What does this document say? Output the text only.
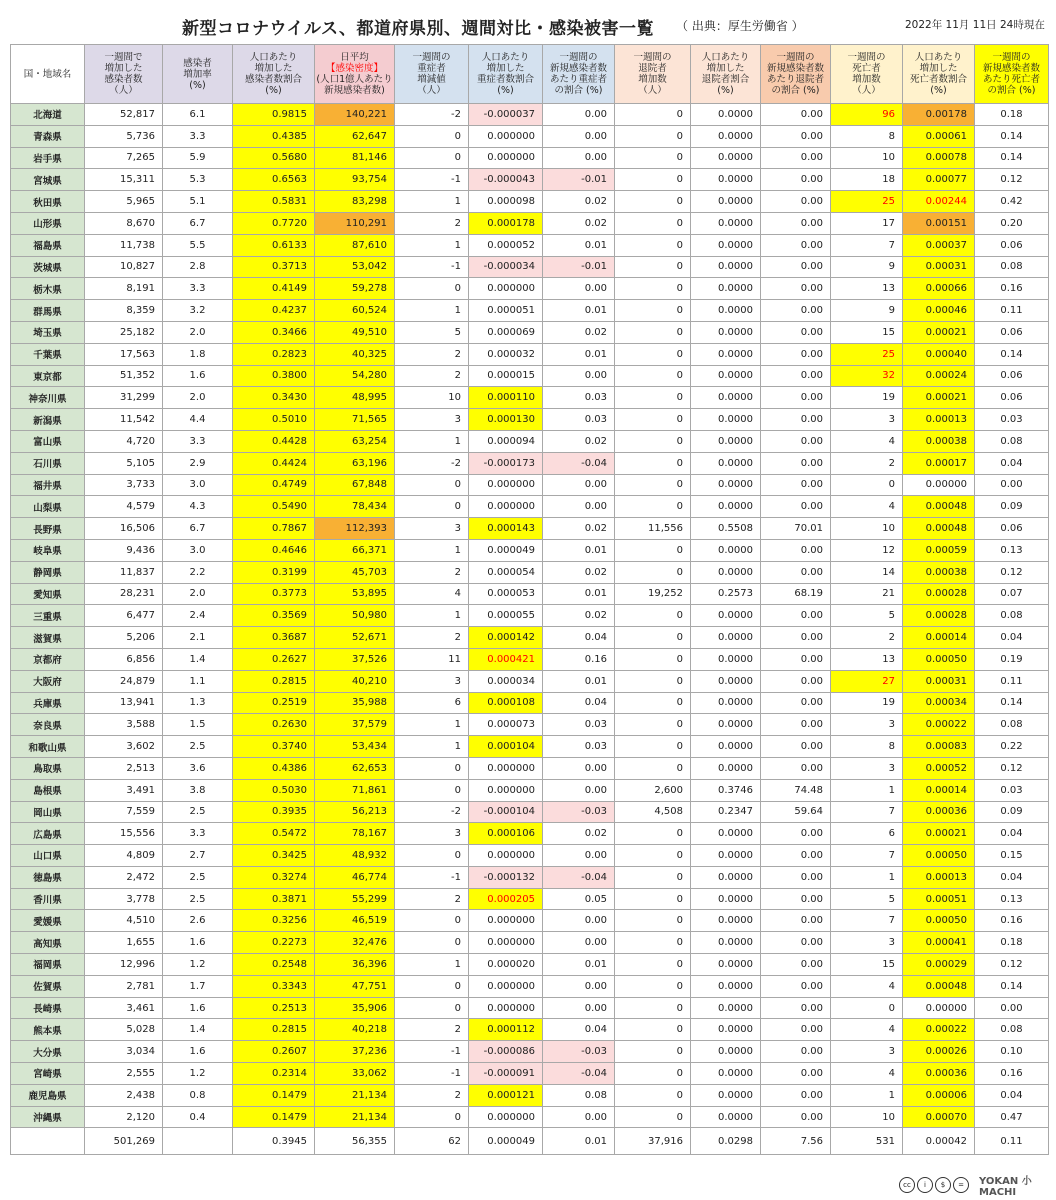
新型コロナウイルス、都道府県別、週間対比・感染被害一覧 （ 出典：厚生労働省 ）	2022年 11月 11日 24時現在
国・地域名	一週間で
増加した
感染者数
（人）	感染者
増加率
(%)	人口あたり
増加した
感染者数割合
(%)	日平均
【感染密度】
(人口1億人あたり
新規感染者数)	一週間の
重症者
増減値
（人）	人口あたり
増加した
重症者数割合
(%)	一週間の
新規感染者数
あたり重症者
の割合 (%)	一週間の
退院者
増加数
（人）	人口あたり
増加した
退院者割合
(%)	一週間の
新規感染者数
あたり退院者
の割合 (%)	一週間の
死亡者
増加数
（人）	人口あたり
増加した
死亡者数割合
(%)	一週間の
新規感染者数
あたり死亡者
の割合 (%)
北海道	52,817	6.1	0.9815	140,221	-2	-0.000037	0.00	0	0.0000	0.00	96	0.00178	0.18
青森県	5,736	3.3	0.4385	62,647	0	0.000000	0.00	0	0.0000	0.00	8	0.00061	0.14
岩手県	7,265	5.9	0.5680	81,146	0	0.000000	0.00	0	0.0000	0.00	10	0.00078	0.14
宮城県	15,311	5.3	0.6563	93,754	-1	-0.000043	-0.01	0	0.0000	0.00	18	0.00077	0.12
秋田県	5,965	5.1	0.5831	83,298	1	0.000098	0.02	0	0.0000	0.00	25	0.00244	0.42
山形県	8,670	6.7	0.7720	110,291	2	0.000178	0.02	0	0.0000	0.00	17	0.00151	0.20
福島県	11,738	5.5	0.6133	87,610	1	0.000052	0.01	0	0.0000	0.00	7	0.00037	0.06
茨城県	10,827	2.8	0.3713	53,042	-1	-0.000034	-0.01	0	0.0000	0.00	9	0.00031	0.08
栃木県	8,191	3.3	0.4149	59,278	0	0.000000	0.00	0	0.0000	0.00	13	0.00066	0.16
群馬県	8,359	3.2	0.4237	60,524	1	0.000051	0.01	0	0.0000	0.00	9	0.00046	0.11
埼玉県	25,182	2.0	0.3466	49,510	5	0.000069	0.02	0	0.0000	0.00	15	0.00021	0.06
千葉県	17,563	1.8	0.2823	40,325	2	0.000032	0.01	0	0.0000	0.00	25	0.00040	0.14
東京都	51,352	1.6	0.3800	54,280	2	0.000015	0.00	0	0.0000	0.00	32	0.00024	0.06
神奈川県	31,299	2.0	0.3430	48,995	10	0.000110	0.03	0	0.0000	0.00	19	0.00021	0.06
新潟県	11,542	4.4	0.5010	71,565	3	0.000130	0.03	0	0.0000	0.00	3	0.00013	0.03
富山県	4,720	3.3	0.4428	63,254	1	0.000094	0.02	0	0.0000	0.00	4	0.00038	0.08
石川県	5,105	2.9	0.4424	63,196	-2	-0.000173	-0.04	0	0.0000	0.00	2	0.00017	0.04
福井県	3,733	3.0	0.4749	67,848	0	0.000000	0.00	0	0.0000	0.00	0	0.00000	0.00
山梨県	4,579	4.3	0.5490	78,434	0	0.000000	0.00	0	0.0000	0.00	4	0.00048	0.09
長野県	16,506	6.7	0.7867	112,393	3	0.000143	0.02	11,556	0.5508	70.01	10	0.00048	0.06
岐阜県	9,436	3.0	0.4646	66,371	1	0.000049	0.01	0	0.0000	0.00	12	0.00059	0.13
静岡県	11,837	2.2	0.3199	45,703	2	0.000054	0.02	0	0.0000	0.00	14	0.00038	0.12
愛知県	28,231	2.0	0.3773	53,895	4	0.000053	0.01	19,252	0.2573	68.19	21	0.00028	0.07
三重県	6,477	2.4	0.3569	50,980	1	0.000055	0.02	0	0.0000	0.00	5	0.00028	0.08
滋賀県	5,206	2.1	0.3687	52,671	2	0.000142	0.04	0	0.0000	0.00	2	0.00014	0.04
京都府	6,856	1.4	0.2627	37,526	11	0.000421	0.16	0	0.0000	0.00	13	0.00050	0.19
大阪府	24,879	1.1	0.2815	40,210	3	0.000034	0.01	0	0.0000	0.00	27	0.00031	0.11
兵庫県	13,941	1.3	0.2519	35,988	6	0.000108	0.04	0	0.0000	0.00	19	0.00034	0.14
奈良県	3,588	1.5	0.2630	37,579	1	0.000073	0.03	0	0.0000	0.00	3	0.00022	0.08
和歌山県	3,602	2.5	0.3740	53,434	1	0.000104	0.03	0	0.0000	0.00	8	0.00083	0.22
鳥取県	2,513	3.6	0.4386	62,653	0	0.000000	0.00	0	0.0000	0.00	3	0.00052	0.12
島根県	3,491	3.8	0.5030	71,861	0	0.000000	0.00	2,600	0.3746	74.48	1	0.00014	0.03
岡山県	7,559	2.5	0.3935	56,213	-2	-0.000104	-0.03	4,508	0.2347	59.64	7	0.00036	0.09
広島県	15,556	3.3	0.5472	78,167	3	0.000106	0.02	0	0.0000	0.00	6	0.00021	0.04
山口県	4,809	2.7	0.3425	48,932	0	0.000000	0.00	0	0.0000	0.00	7	0.00050	0.15
徳島県	2,472	2.5	0.3274	46,774	-1	-0.000132	-0.04	0	0.0000	0.00	1	0.00013	0.04
香川県	3,778	2.5	0.3871	55,299	2	0.000205	0.05	0	0.0000	0.00	5	0.00051	0.13
愛媛県	4,510	2.6	0.3256	46,519	0	0.000000	0.00	0	0.0000	0.00	7	0.00050	0.16
高知県	1,655	1.6	0.2273	32,476	0	0.000000	0.00	0	0.0000	0.00	3	0.00041	0.18
福岡県	12,996	1.2	0.2548	36,396	1	0.000020	0.01	0	0.0000	0.00	15	0.00029	0.12
佐賀県	2,781	1.7	0.3343	47,751	0	0.000000	0.00	0	0.0000	0.00	4	0.00048	0.14
長崎県	3,461	1.6	0.2513	35,906	0	0.000000	0.00	0	0.0000	0.00	0	0.00000	0.00
熊本県	5,028	1.4	0.2815	40,218	2	0.000112	0.04	0	0.0000	0.00	4	0.00022	0.08
大分県	3,034	1.6	0.2607	37,236	-1	-0.000086	-0.03	0	0.0000	0.00	3	0.00026	0.10
宮崎県	2,555	1.2	0.2314	33,062	-1	-0.000091	-0.04	0	0.0000	0.00	4	0.00036	0.16
鹿児島県	2,438	0.8	0.1479	21,134	2	0.000121	0.08	0	0.0000	0.00	1	0.00006	0.04
沖縄県	2,120	0.4	0.1479	21,134	0	0.000000	0.00	0	0.0000	0.00	10	0.00070	0.47
	501,269		0.3945	56,355	62	0.000049	0.01	37,916	0.0298	7.56	531	0.00042	0.11
cc	i	$	=	YOKAN 小 MACHI
